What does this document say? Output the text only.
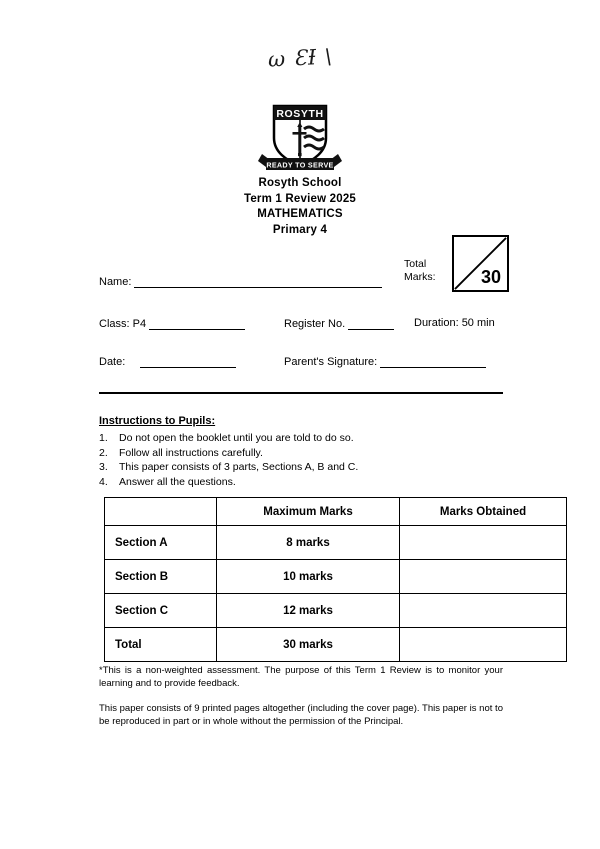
ω ƐƗ \
ROSYTH
READY TO SERVE
Rosyth School
Term 1 Review 2025
MATHEMATICS
Primary 4
Total
Marks:	30
Name:
Class: P4	Register No.	Duration: 50 min
Date:	Parent's Signature:
Instructions to Pupils:
1. Do not open the booklet until you are told to do so.
2. Follow all instructions carefully.
3. This paper consists of 3 parts, Sections A, B and C.
4. Answer all the questions.
	Maximum Marks	Marks Obtained
Section A	8 marks	
Section B	10 marks	
Section C	12 marks	
Total	30 marks	
*This is a non-weighted assessment. The purpose of this Term 1 Review is to monitor your learning and to provide feedback.
This paper consists of 9 printed pages altogether (including the cover page). This paper is not to be reproduced in part or in whole without the permission of the Principal.
